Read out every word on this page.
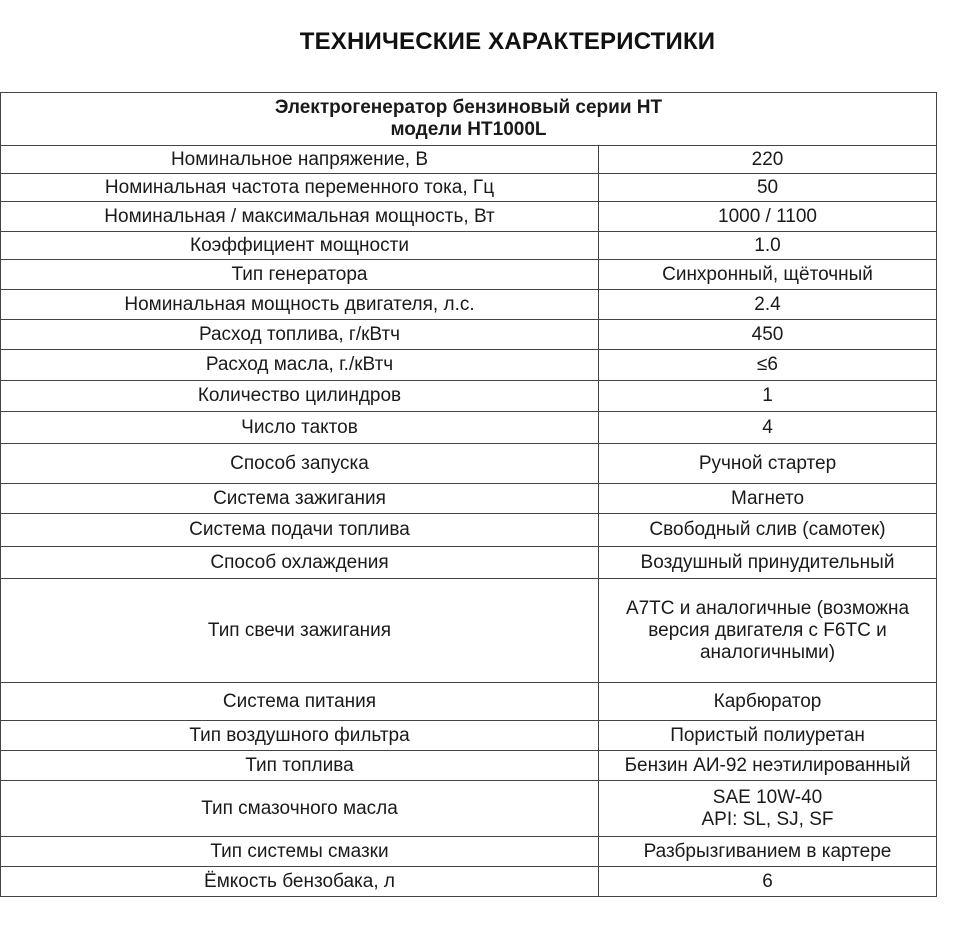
ТЕХНИЧЕСКИЕ ХАРАКТЕРИСТИКИ
Электрогенератор бензиновый серии НТ
модели HT1000L	

Номинальное напряжение, В	220
Номинальная частота переменного тока, Гц	50
Номинальная / максимальная мощность, Вт	1000 / 1100
Коэффициент мощности	1.0
Тип генератора	Синхронный, щёточный
Номинальная мощность двигателя, л.с.	2.4
Расход топлива, г/кВтч	450
Расход масла, г./кВтч	≤6
Количество цилиндров	1
Число тактов	4
Способ запуска	Ручной стартер
Система зажигания	Магнето
Система подачи топлива	Свободный слив (самотек)
Способ охлаждения	Воздушный принудительный
Тип свечи зажигания	A7TC и аналогичные (возможна версия двигателя с F6TC и аналогичными)
Система питания	Карбюратор
Тип воздушного фильтра	Пористый полиуретан
Тип топлива	Бензин АИ-92 неэтилированный
Тип смазочного масла	SAE 10W-40 API: SL, SJ, SF
Тип системы смазки	Разбрызгиванием в картере
Ёмкость бензобака, л	6
